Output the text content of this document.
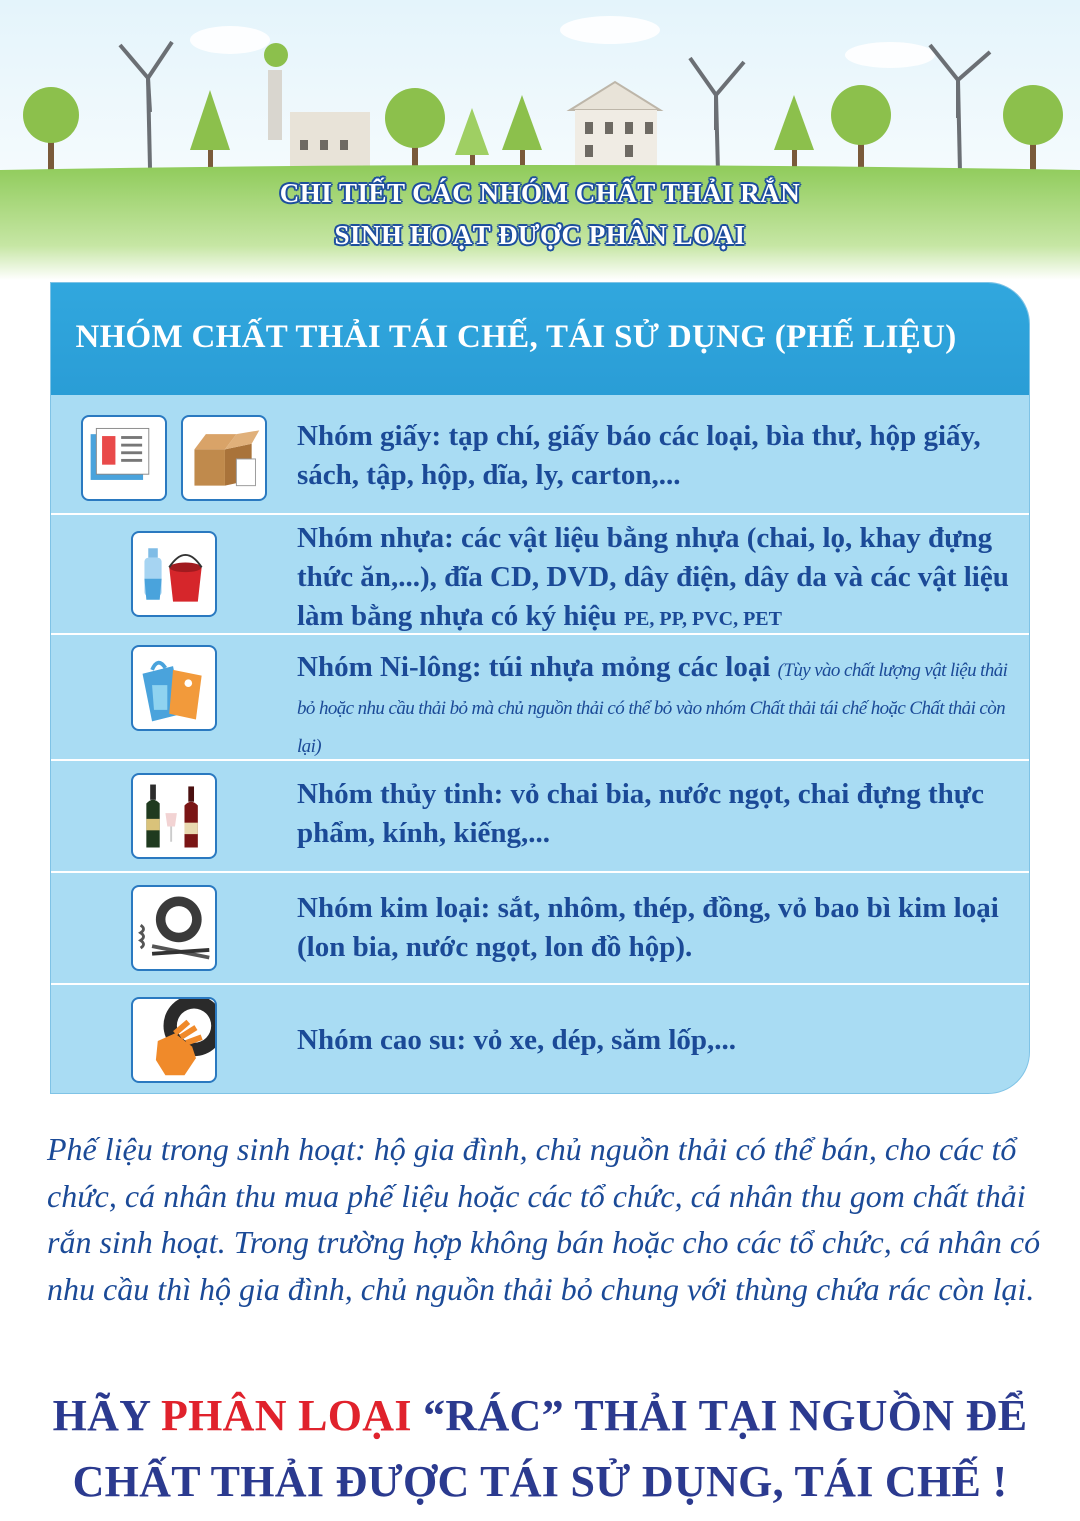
CHI TIẾT CÁC NHÓM CHẤT THẢI RẮN
SINH HOẠT ĐƯỢC PHÂN LOẠI
NHÓM CHẤT THẢI TÁI CHẾ, TÁI SỬ DỤNG (PHẾ LIỆU)
Nhóm giấy: tạp chí, giấy báo các loại, bìa thư, hộp giấy, sách, tập, hộp, dĩa, ly, carton,...
Nhóm nhựa: các vật liệu bằng nhựa (chai, lọ, khay đựng thức ăn,...), đĩa CD, DVD, dây điện, dây da và các vật liệu làm bằng nhựa có ký hiệu PE, PP, PVC, PET
Nhóm Ni-lông: túi nhựa mỏng các loại (Tùy vào chất lượng vật liệu thải bỏ hoặc nhu cầu thải bỏ mà chủ nguồn thải có thể bỏ vào nhóm Chất thải tái chế hoặc Chất thải còn lại)
Nhóm thủy tinh: vỏ chai bia, nước ngọt, chai đựng thực phẩm, kính, kiếng,...
Nhóm kim loại: sắt, nhôm, thép, đồng, vỏ bao bì kim loại (lon bia, nước ngọt, lon đồ hộp).
Nhóm cao su: vỏ xe, dép, săm lốp,...
Phế liệu trong sinh hoạt: hộ gia đình, chủ nguồn thải có thể bán, cho các tổ chức, cá nhân thu mua phế liệu hoặc các tổ chức, cá nhân thu gom chất thải rắn sinh hoạt. Trong trường hợp không bán hoặc cho các tổ chức, cá nhân có nhu cầu thì hộ gia đình, chủ nguồn thải bỏ chung với thùng chứa rác còn lại.
HÃY PHÂN LOẠI “RÁC” THẢI TẠI NGUỒN ĐỂ
CHẤT THẢI ĐƯỢC TÁI SỬ DỤNG, TÁI CHẾ !
